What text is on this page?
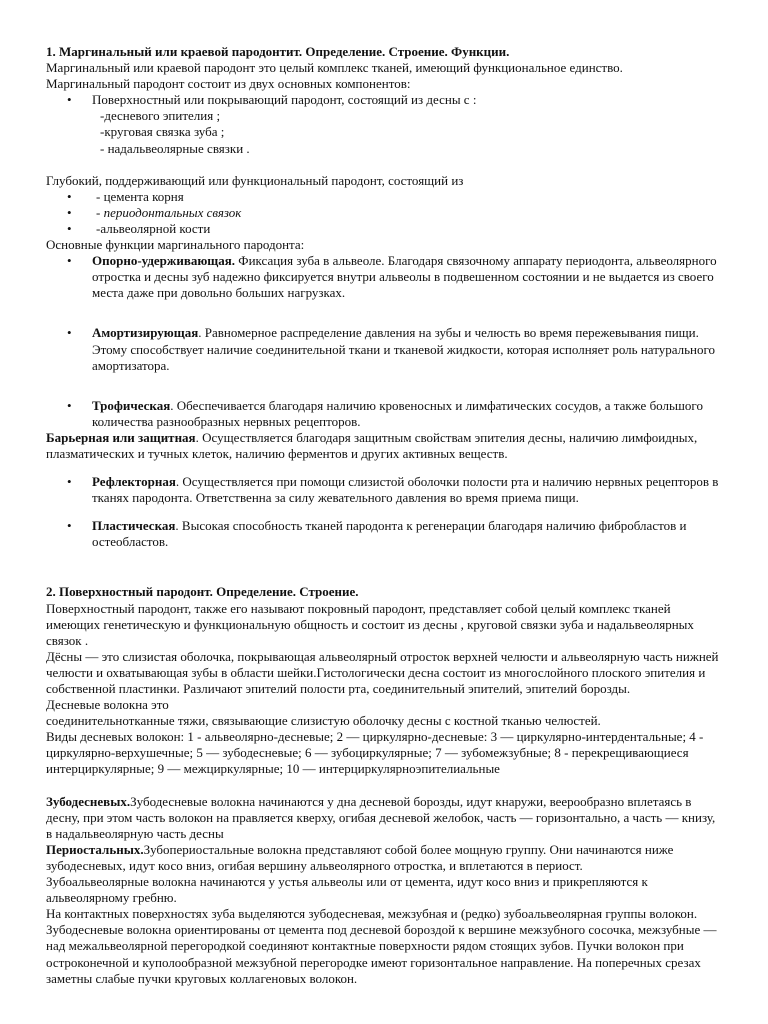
1. Маргинальный или краевой пародонтит. Определение. Строение. Функции.

Маргинальный или краевой пародонт это целый комплекс тканей, имеющий функциональное единство.

Маргинальный пародонт состоит из двух основных компонентов:

• Поверхностный или покрывающий пародонт, состоящий из десны с :

-десневого эпителия ;

-круговая связка зуба ;

- надальвеолярные связки .

Глубокий, поддерживающий или функциональный пародонт, состоящий из

• - цемента корня
• - периодонтальных связок
• -альвеолярной кости

Основные функции маргинального пародонта:

• Опорно-удерживающая. Фиксация зуба в альвеоле. Благодаря связочному аппарату периодонта, альвеолярного отростка и десны зуб надежно фиксируется внутри альвеолы в подвешенном состоянии и не выдается из своего места даже при довольно больших нагрузках.
• Амортизирующая. Равномерное распределение давления на зубы и челюсть во время пережевывания пищи. Этому способствует наличие соединительной ткани и тканевой жидкости, которая исполняет роль натурального амортизатора.
• Трофическая. Обеспечивается благодаря наличию кровеносных и лимфатических сосудов, а также большого количества разнообразных нервных рецепторов.

Барьерная или защитная. Осуществляется благодаря защитным свойствам эпителия десны, наличию лимфоидных, плазматических и тучных клеток, наличию ферментов и других активных веществ.

• Рефлекторная. Осуществляется при помощи слизистой оболочки полости рта и наличию нервных рецепторов в тканях пародонта. Ответственна за силу жевательного давления во время приема пищи.
• Пластическая. Высокая способность тканей пародонта к регенерации благодаря наличию фибробластов и остеобластов.

2. Поверхностный пародонт. Определение. Строение.

Поверхностный пародонт, также его называют покровный пародонт, представляет собой целый комплекс тканей имеющих генетическую и функциональную общность и состоит из десны , круговой связки зуба и надальвеолярных связок .

Дёсны — это слизистая оболочка, покрывающая альвеолярный отросток верхней челюсти и альвеолярную часть нижней челюсти и охватывающая зубы в области шейки.Гистологически десна состоит из многослойного плоского эпителия и собственной пластинки. Различают эпителий полости рта, соединительный эпителий, эпителий борозды.

Десневые волокна это

соединительнотканные тяжи, связывающие слизистую оболочку десны с костной тканью челюстей.

Виды десневых волокон: 1 - альвеолярно-десневые; 2 — циркулярно-десневые: 3 — циркулярно-интердентальные; 4 - циркулярно-верхушечные; 5 — зубодесневые; 6 — зубоциркулярные; 7 — зубомежзубные; 8 - перекрещивающиеся интерциркулярные; 9 — межциркулярные; 10 — интерциркулярноэпителиальные

Зубодесневых.Зубодесневые волокна начинаются у дна десневой борозды, идут кнаружи, веерообразно вплетаясь в десну, при этом часть волокон на правляется кверху, огибая десневой желобок, часть — горизонтально, а часть — книзу, в надальвеолярную часть десны

Периостальных.Зубопериостальные волокна представляют собой более мощную группу. Они начинаются ниже зубодесневых, идут косо вниз, огибая вершину альвеолярного отростка, и вплетаются в периост.

Зубоальвеолярные волокна начинаются у устья альвеолы или от цемента, идут косо вниз и прикрепляются к альвеолярному гребню.

На контактных поверхностях зуба выделяются зубодесневая, межзубная и (редко) зубоальвеолярная группы волокон. Зубодесневые волокна ориентированы от цемента под десневой бороздой к вершине межзубного сосочка, межзубные — над межальвеолярной перегородкой соединяют контактные поверхности рядом стоящих зубов. Пучки волокон при остроконечной и куполообразной межзубной перегородке имеют горизонтальное направление. На поперечных срезах заметны слабые пучки круговых коллагеновых волокон.
